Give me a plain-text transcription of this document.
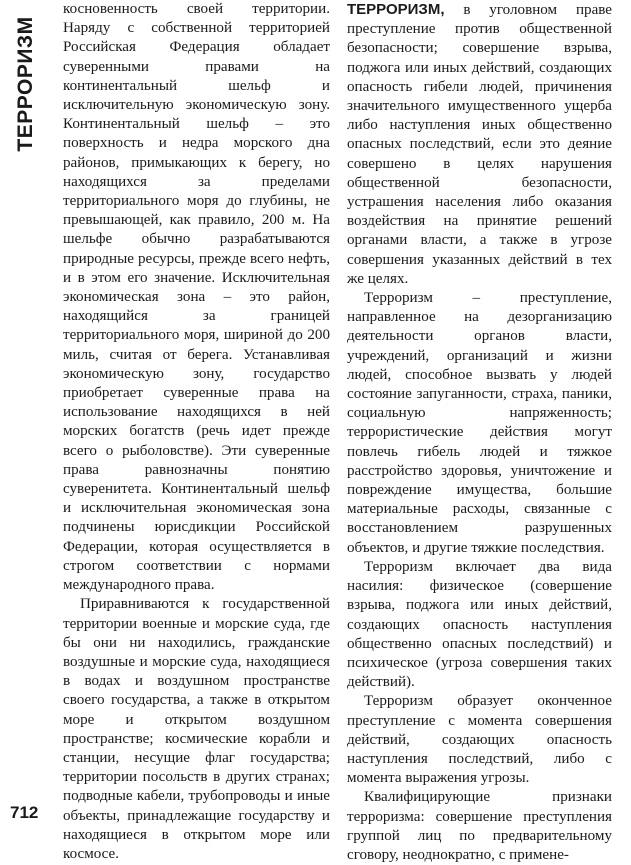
ТЕРРОРИЗМ
712

косновенность своей территории. Наряду с собственной территорией Российская Федерация обладает суверенными правами на континентальный шельф и исключительную экономическую зону. Континентальный шельф – это поверхность и недра морского дна районов, примыкающих к берегу, но находящихся за пределами территориального моря до глубины, не превышающей, как правило, 200 м. На шельфе обычно разрабатываются природные ресурсы, прежде всего нефть, и в этом его значение. Исключительная экономическая зона – это район, находящийся за границей территориального моря, шириной до 200 миль, считая от берега. Устанавливая экономическую зону, государство приобретает суверенные права на использование находящихся в ней морских богатств (речь идет прежде всего о рыболовстве). Эти суверенные права равнозначны понятию суверенитета. Континентальный шельф и исключительная экономическая зона подчинены юрисдикции Российской Федерации, которая осуществляется в строгом соответствии с нормами международного права.

Приравниваются к государственной территории военные и морские суда, где бы они ни находились, гражданские воздушные и морские суда, находящиеся в водах и воздушном пространстве своего государства, а также в открытом море и открытом воздушном пространстве; космические корабли и станции, несущие флаг государства; территории посольств в других странах; подводные кабели, трубопроводы и иные объекты, принадлежащие государству и находящиеся в открытом море или космосе.

ТЕРРОРИЗМ, в уголовном праве преступление против общественной безопасности; совершение взрыва, поджога или иных действий, создающих опасность гибели людей, причинения значительного имущественного ущерба либо наступления иных общественно опасных последствий, если это деяние совершено в целях нарушения общественной безопасности, устрашения населения либо оказания воздействия на принятие решений органами власти, а также в угрозе совершения указанных действий в тех же целях.

Терроризм – преступление, направленное на дезорганизацию деятельности органов власти, учреждений, организаций и жизни людей, способное вызвать у людей состояние запуганности, страха, паники, социальную напряженность; террористические действия могут повлечь гибель людей и тяжкое расстройство здоровья, уничтожение и повреждение имущества, большие материальные расходы, связанные с восстановлением разрушенных объектов, и другие тяжкие последствия.

Терроризм включает два вида насилия: физическое (совершение взрыва, поджога или иных действий, создающих опасность наступления общественно опасных последствий) и психическое (угроза совершения таких действий).

Терроризм образует оконченное преступление с момента совершения действий, создающих опасность наступления последствий, либо с момента выражения угрозы.

Квалифицирующие признаки терроризма: совершение преступления группой лиц по предварительному сговору, неоднократно, с примене-
